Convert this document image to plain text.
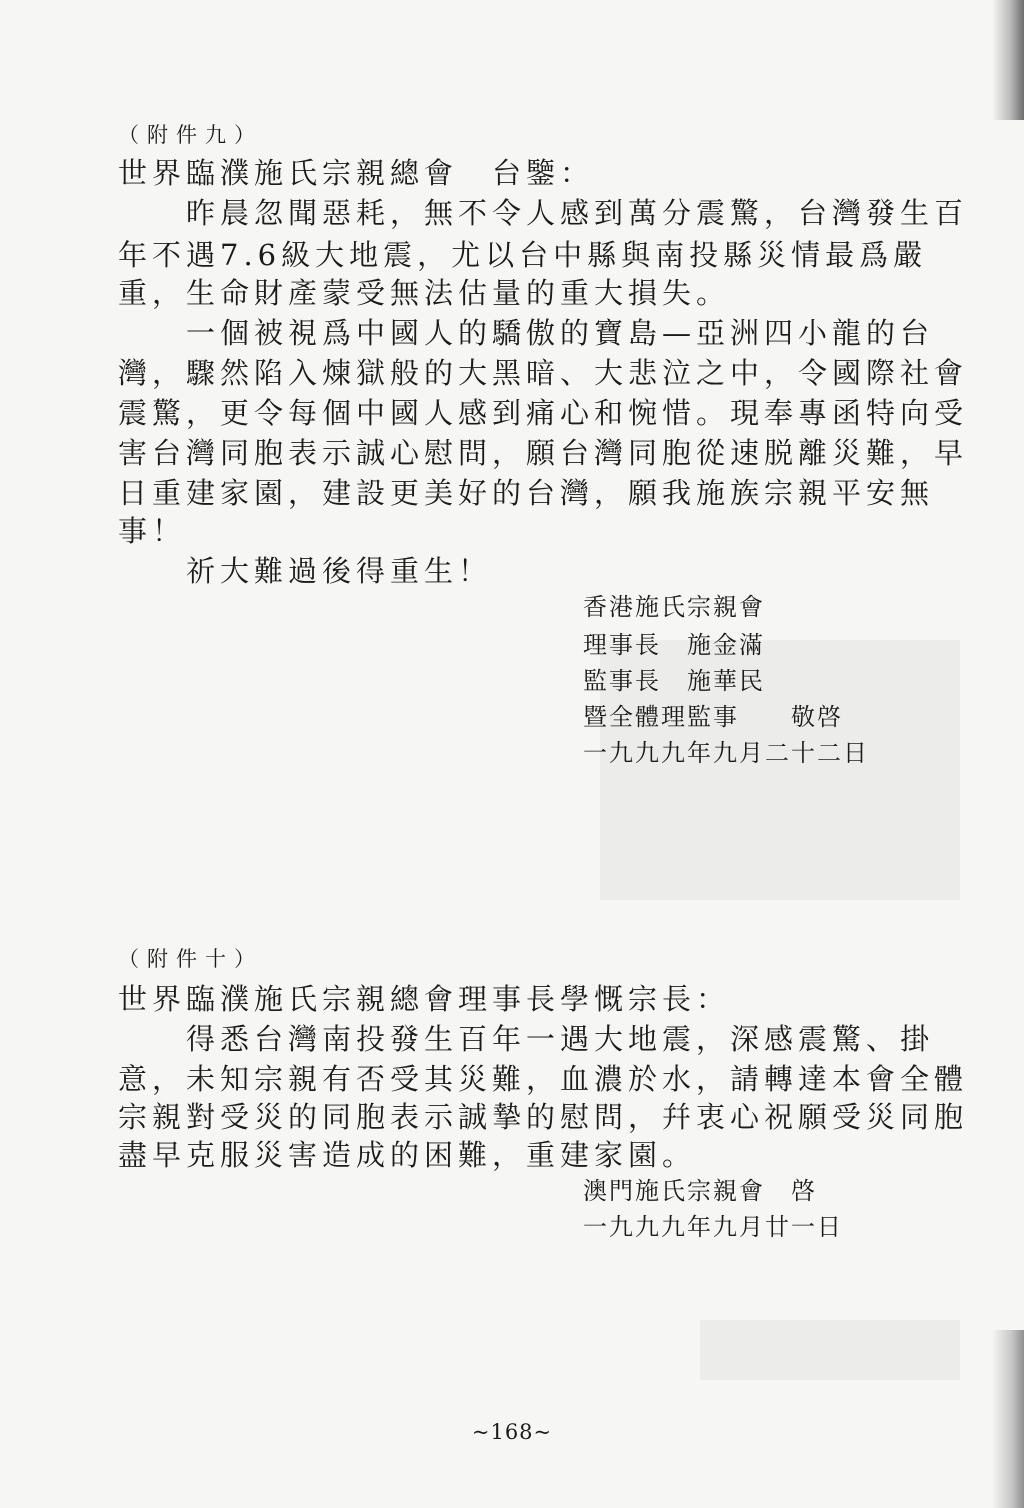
（附件九）
世界臨濮施氏宗親總會　台鑒：
昨晨忽聞惡耗，無不令人感到萬分震驚，台灣發生百
年不遇7.6級大地震，尤以台中縣與南投縣災情最爲嚴
重，生命財產蒙受無法估量的重大損失。
一個被視爲中國人的驕傲的寶島—亞洲四小龍的台
灣，驟然陷入煉獄般的大黑暗、大悲泣之中，令國際社會
震驚，更令每個中國人感到痛心和惋惜。現奉專函特向受
害台灣同胞表示誠心慰問，願台灣同胞從速脱離災難，早
日重建家園，建設更美好的台灣，願我施族宗親平安無
事！
祈大難過後得重生！
香港施氏宗親會
理事長　施金滿
監事長　施華民
暨全體理監事　　敬啓
一九九九年九月二十二日
（附件十）
世界臨濮施氏宗親總會理事長學慨宗長：
得悉台灣南投發生百年一遇大地震，深感震驚、掛
意，未知宗親有否受其災難，血濃於水，請轉達本會全體
宗親對受災的同胞表示誠摯的慰問，幷衷心祝願受災同胞
盡早克服災害造成的困難，重建家園。
澳門施氏宗親會　啓
一九九九年九月廿一日
~168~
